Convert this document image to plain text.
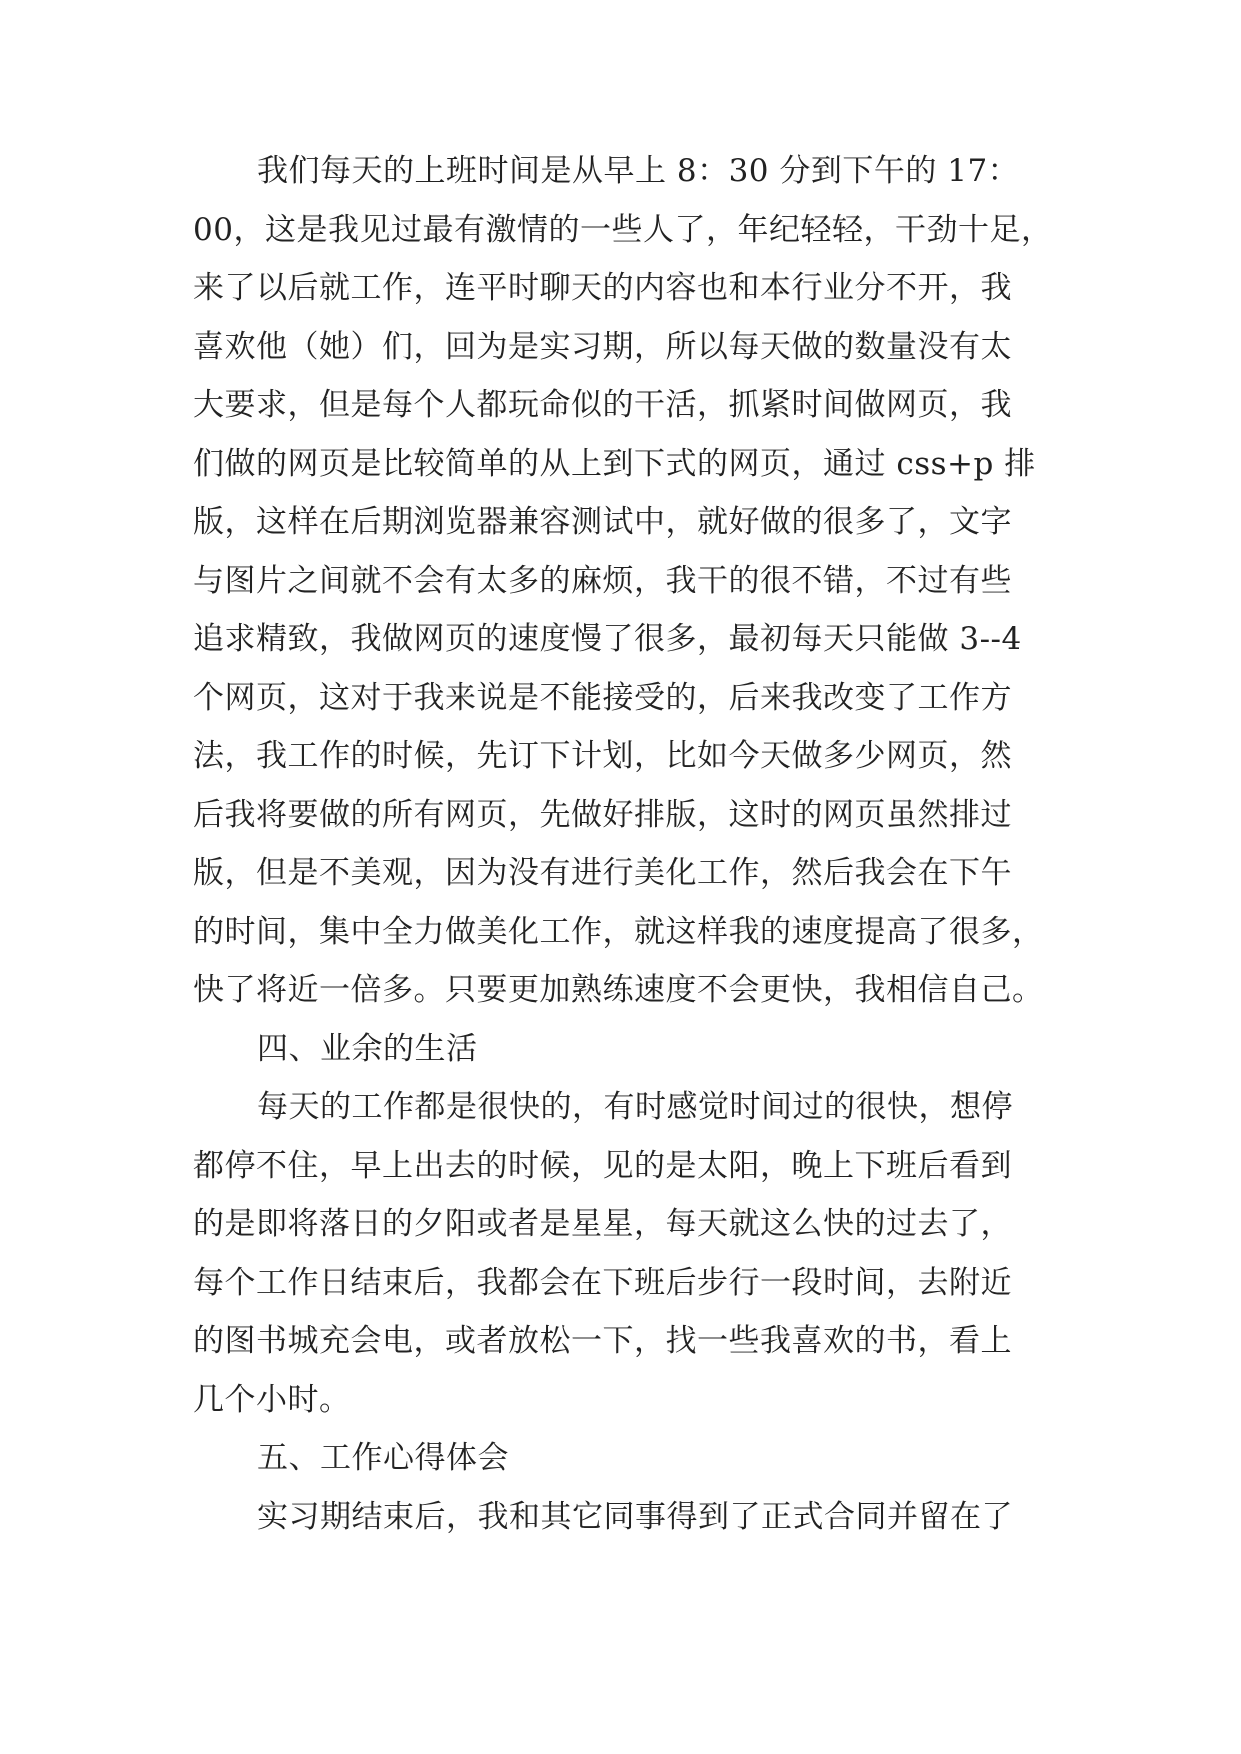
我们每天的上班时间是从早上 8：30 分到下午的 17：
00，这是我见过最有激情的一些人了，年纪轻轻，干劲十足，
来了以后就工作，连平时聊天的内容也和本行业分不开，我
喜欢他（她）们，回为是实习期，所以每天做的数量没有太
大要求，但是每个人都玩命似的干活，抓紧时间做网页，我
们做的网页是比较简单的从上到下式的网页，通过 css+p 排
版，这样在后期浏览器兼容测试中，就好做的很多了，文字
与图片之间就不会有太多的麻烦，我干的很不错，不过有些
追求精致，我做网页的速度慢了很多，最初每天只能做 3--4
个网页，这对于我来说是不能接受的，后来我改变了工作方
法，我工作的时候，先订下计划，比如今天做多少网页，然
后我将要做的所有网页，先做好排版，这时的网页虽然排过
版，但是不美观，因为没有进行美化工作，然后我会在下午
的时间，集中全力做美化工作，就这样我的速度提高了很多，
快了将近一倍多。只要更加熟练速度不会更快，我相信自己。
四、业余的生活
每天的工作都是很快的，有时感觉时间过的很快，想停
都停不住，早上出去的时候，见的是太阳，晚上下班后看到
的是即将落日的夕阳或者是星星，每天就这么快的过去了，
每个工作日结束后，我都会在下班后步行一段时间，去附近
的图书城充会电，或者放松一下，找一些我喜欢的书，看上
几个小时。
五、工作心得体会
实习期结束后，我和其它同事得到了正式合同并留在了
